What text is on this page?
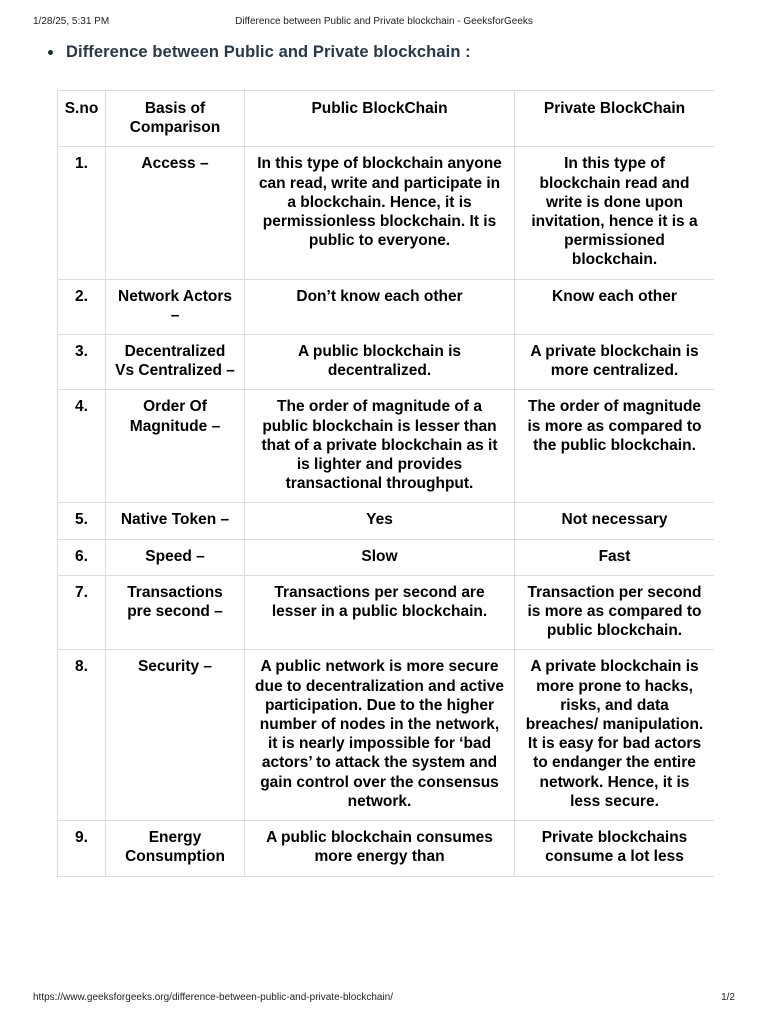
1/28/25, 5:31 PM	Difference between Public and Private blockchain - GeeksforGeeks
Difference between Public and Private blockchain :
S.no	Basis of Comparison	Public BlockChain	Private BlockChain
1.	Access –	In this type of blockchain anyone can read, write and participate in a blockchain. Hence, it is permissionless blockchain. It is public to everyone.	In this type of blockchain read and write is done upon invitation, hence it is a permissioned blockchain.
2.	Network Actors –	Don’t know each other	Know each other
3.	Decentralized Vs Centralized –	A public blockchain is decentralized.	A private blockchain is more centralized.
4.	Order Of Magnitude –	The order of magnitude of a public blockchain is lesser than that of a private blockchain as it is lighter and provides transactional throughput.	The order of magnitude is more as compared to the public blockchain.
5.	Native Token –	Yes	Not necessary
6.	Speed –	Slow	Fast
7.	Transactions pre second –	Transactions per second are lesser in a public blockchain.	Transaction per second is more as compared to public blockchain.
8.	Security –	A public network is more secure due to decentralization and active participation. Due to the higher number of nodes in the network, it is nearly impossible for ‘bad actors’ to attack the system and gain control over the consensus network.	A private blockchain is more prone to hacks, risks, and data breaches/ manipulation. It is easy for bad actors to endanger the entire network. Hence, it is less secure.
9.	Energy Consumption	A public blockchain consumes more energy than	Private blockchains consume a lot less
https://www.geeksforgeeks.org/difference-between-public-and-private-blockchain/	1/2
